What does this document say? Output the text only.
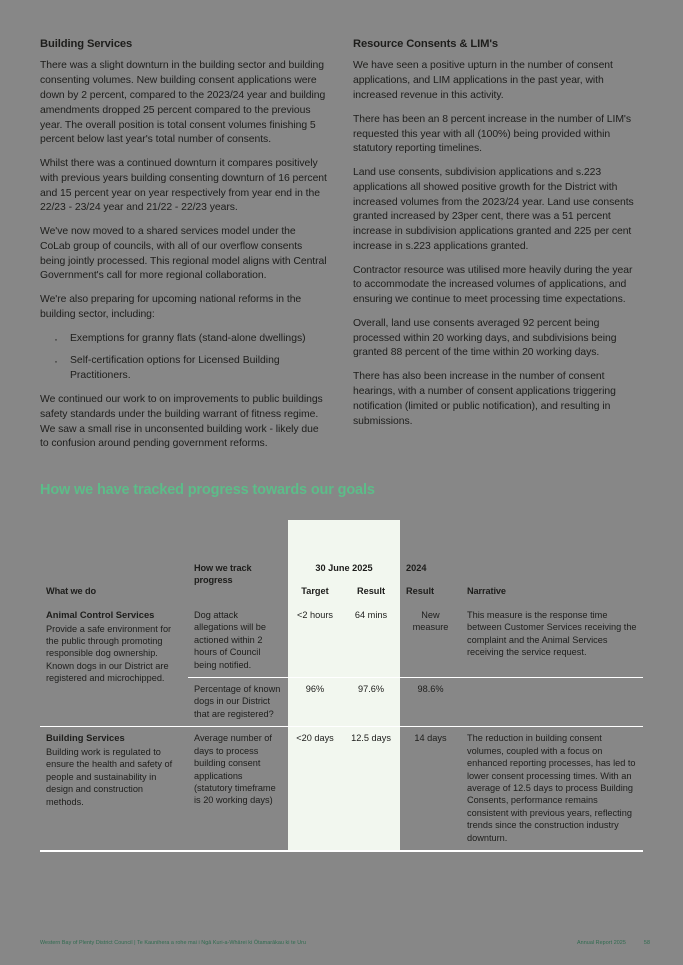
Building Services

There was a slight downturn in the building sector and building consenting volumes. New building consent applications were down by 2 percent, compared to the 2023/24 year and building amendments dropped 25 percent compared to the previous year. The overall position is total consent volumes finishing 5 percent below last year's total number of consents.

Whilst there was a continued downturn it compares positively with previous years building consenting downturn of 16 percent and 15 percent year on year respectively from year end in the 22/23 - 23/24 year and 21/22 - 22/23 years.

We've now moved to a shared services model under the CoLab group of councils, with all of our overflow consents being jointly processed. This regional model aligns with Central Government's call for more regional collaboration.

We're also preparing for upcoming national reforms in the building sector, including:

· Exemptions for granny flats (stand-alone dwellings)
· Self-certification options for Licensed Building Practitioners.

We continued our work to on improvements to public buildings safety standards under the building warrant of fitness regime. We saw a small rise in unconsented building work - likely due to confusion around pending government reforms.

Resource Consents & LIM's

We have seen a positive upturn in the number of consent applications, and LIM applications in the past year, with increased revenue in this activity.

There has been an 8 percent increase in the number of LIM's requested this year with all (100%) being provided within statutory reporting timelines.

Land use consents, subdivision applications and s.223 applications all showed positive growth for the District with increased volumes from the 2023/24 year. Land use consents granted increased by 23per cent, there was a 51 percent increase in subdivision applications granted and 225 per cent increase in s.223 applications granted.

Contractor resource was utilised more heavily during the year to accommodate the increased volumes of applications, and ensuring we continue to meet processing time expectations.

Overall, land use consents averaged 92 percent being processed within 20 working days, and subdivisions being granted 88 percent of the time within 20 working days.

There has also been increase in the number of consent hearings, with a number of consent applications triggering notification (limited or public notification), and resulting in submissions.

How we have tracked progress towards our goals

	How we track progress	30 June 2025		2024	
What we do		Target	Result	Result	Narrative

Animal Control Services
Provide a safe environment for the public through promoting responsible dog ownership. Known dogs in our District are registered and microchipped.	Dog attack allegations will be actioned within 2 hours of Council being notified.	<2 hours	64 mins	New measure	This measure is the response time between Customer Services receiving the complaint and the Animal Services receiving the service request.
	Percentage of known dogs in our District that are registered?	96%	97.6%	98.6%	

Building Services
Building work is regulated to ensure the health and safety of people and sustainability in design and construction methods.	Average number of days to process building consent applications (statutory timeframe is 20 working days)	<20 days	12.5 days	14 days	The reduction in building consent volumes, coupled with a focus on enhanced reporting processes, has led to lower consent processing times. With an average of 12.5 days to process Building Consents, performance remains consistent with previous years, reflecting trends since the construction industry downturn.
Western Bay of Plenty District Council | Te Kaunihera a rohe mai i Ngā Kuri-a-Whārei ki Ōtamarākau ki te Uru	Annual Report 2025	58
